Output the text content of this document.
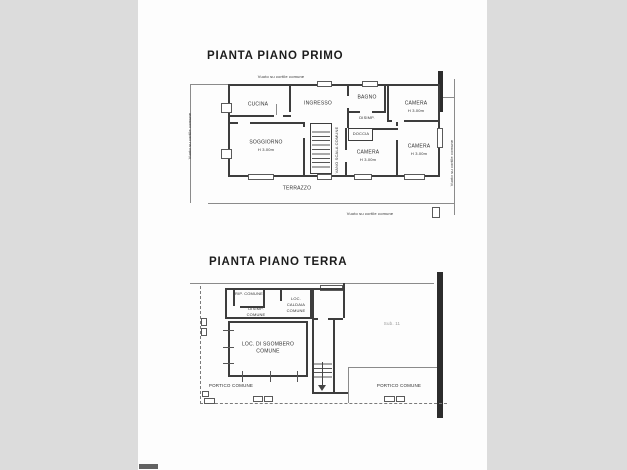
PIANTA PIANO PRIMO
CUCINA	INGRESSO
BAGNO
DISIMP.
CAMERA
H 3.00m
SOGGIORNO
H 3.00m
DOCCIA
CAMERA
H 3.00m
CAMERA
H 3.00m
VANO SCALA COMUNE
TERRAZZO
Vuoto su cortile comune
Vuoto su cortile comune
Vuoto su cortile comune
Vuoto su cortile comune
PIANTA PIANO TERRA
RIP. COMUNE
DISIMP.
COMUNE
LOC.
CALDAIA
COMUNE
LOC. DI SGOMBERO
COMUNE
PORTICO COMUNE	PORTICO COMUNE
Sub. 11
